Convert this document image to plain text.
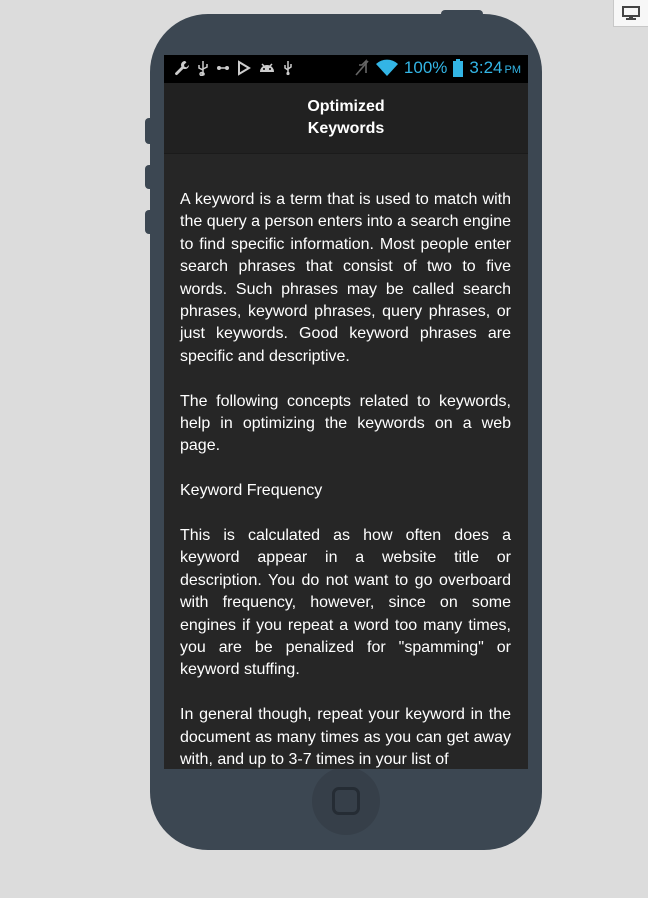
100% 3:24 PM
Optimized
Keywords

A keyword is a term that is used to match with the query a person enters into a search engine to find specific information. Most people enter search phrases that consist of two to five words. Such phrases may be called search phrases, keyword phrases, query phrases, or just keywords. Good keyword phrases are specific and descriptive.

The following concepts related to keywords, help in optimizing the keywords on a web page.

Keyword Frequency

This is calculated as how often does a keyword appear in a website title or description. You do not want to go overboard with frequency, however, since on some engines if you repeat a word too many times, you are be penalized for "spamming" or keyword stuffing.

In general though, repeat your keyword in the document as many times as you can get away with, and up to 3-7 times in your list of
